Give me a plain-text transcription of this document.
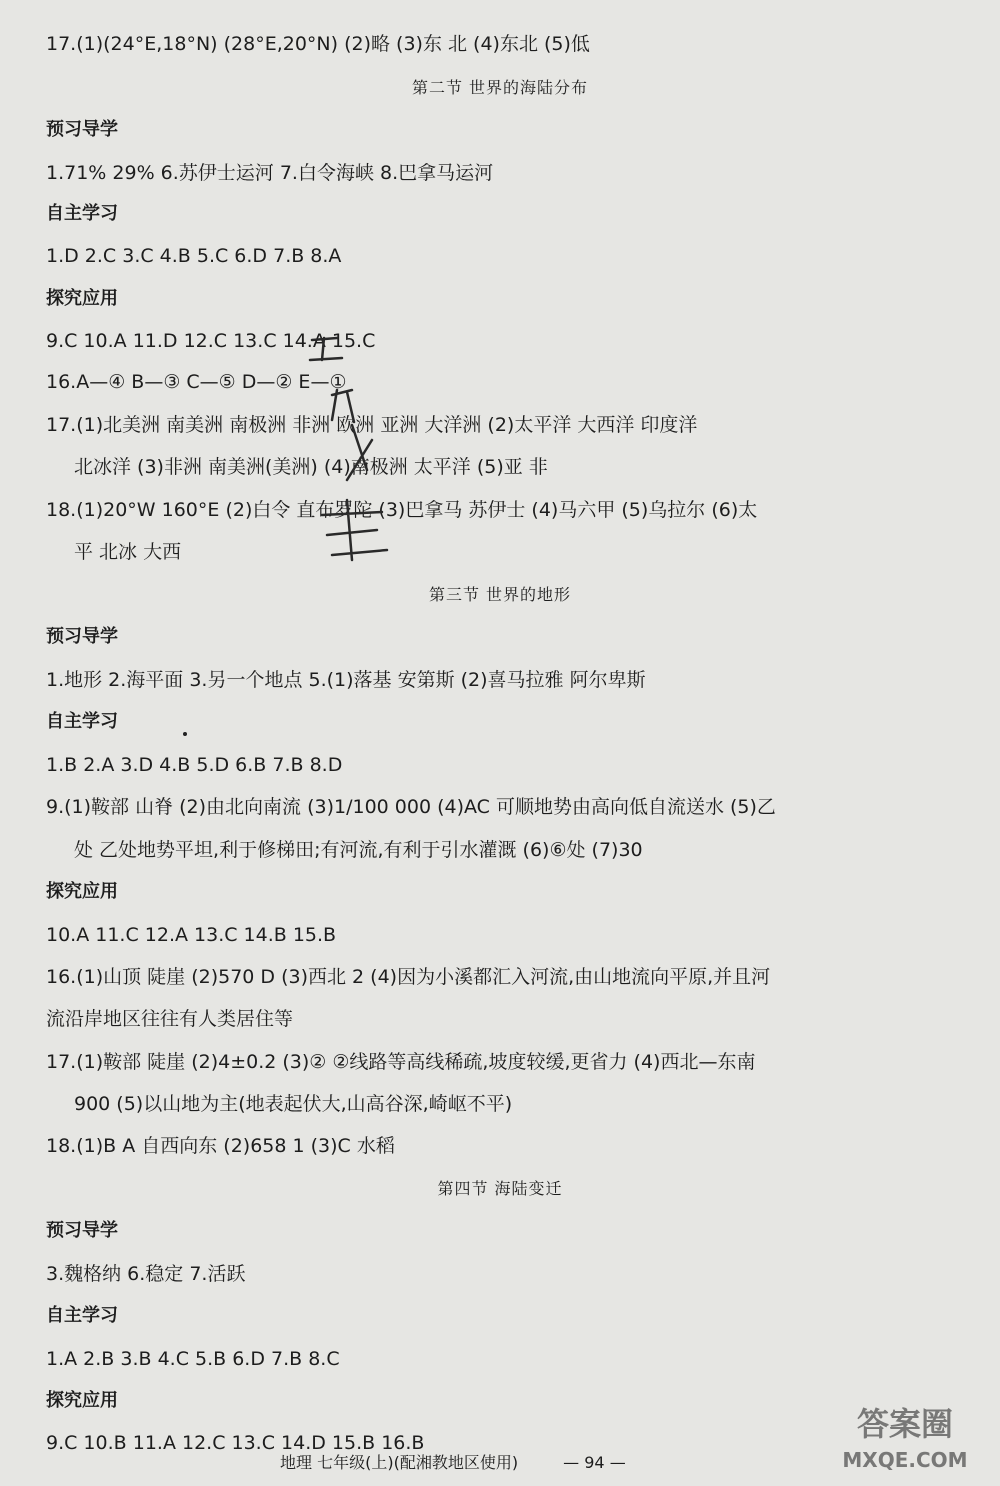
17.(1)(24°E,18°N) (28°E,20°N) (2)略 (3)东 北 (4)东北 (5)低
第二节 世界的海陆分布
预习导学
1.71% 29% 6.苏伊士运河 7.白令海峡 8.巴拿马运河
自主学习
1.D 2.C 3.C 4.B 5.C 6.D 7.B 8.A
探究应用
9.C 10.A 11.D 12.C 13.C 14.A 15.C
16.A—④ B—③ C—⑤ D—② E—①
17.(1)北美洲 南美洲 南极洲 非洲 欧洲 亚洲 大洋洲 (2)太平洋 大西洋 印度洋
北冰洋 (3)非洲 南美洲(美洲) (4)南极洲 太平洋 (5)亚 非
18.(1)20°W 160°E (2)白令 直布罗陀 (3)巴拿马 苏伊士 (4)马六甲 (5)乌拉尔 (6)太
平 北冰 大西
第三节 世界的地形
预习导学
1.地形 2.海平面 3.另一个地点 5.(1)落基 安第斯 (2)喜马拉雅 阿尔卑斯
自主学习
1.B 2.A 3.D 4.B 5.D 6.B 7.B 8.D
9.(1)鞍部 山脊 (2)由北向南流 (3)1/100 000 (4)AC 可顺地势由高向低自流送水 (5)乙
处 乙处地势平坦,利于修梯田;有河流,有利于引水灌溉 (6)⑥处 (7)30
探究应用
10.A 11.C 12.A 13.C 14.B 15.B
16.(1)山顶 陡崖 (2)570 D (3)西北 2 (4)因为小溪都汇入河流,由山地流向平原,并且河
流沿岸地区往往有人类居住等
17.(1)鞍部 陡崖 (2)4±0.2 (3)② ②线路等高线稀疏,坡度较缓,更省力 (4)西北—东南
900 (5)以山地为主(地表起伏大,山高谷深,崎岖不平)
18.(1)B A 自西向东 (2)658 1 (3)C 水稻
第四节 海陆变迁
预习导学
3.魏格纳 6.稳定 7.活跃
自主学习
1.A 2.B 3.B 4.C 5.B 6.D 7.B 8.C
探究应用
9.C 10.B 11.A 12.C 13.C 14.D 15.B 16.B
地理 七年级(上)(配湘教地区使用)	— 94 —
答案圈
MXQE.COM
